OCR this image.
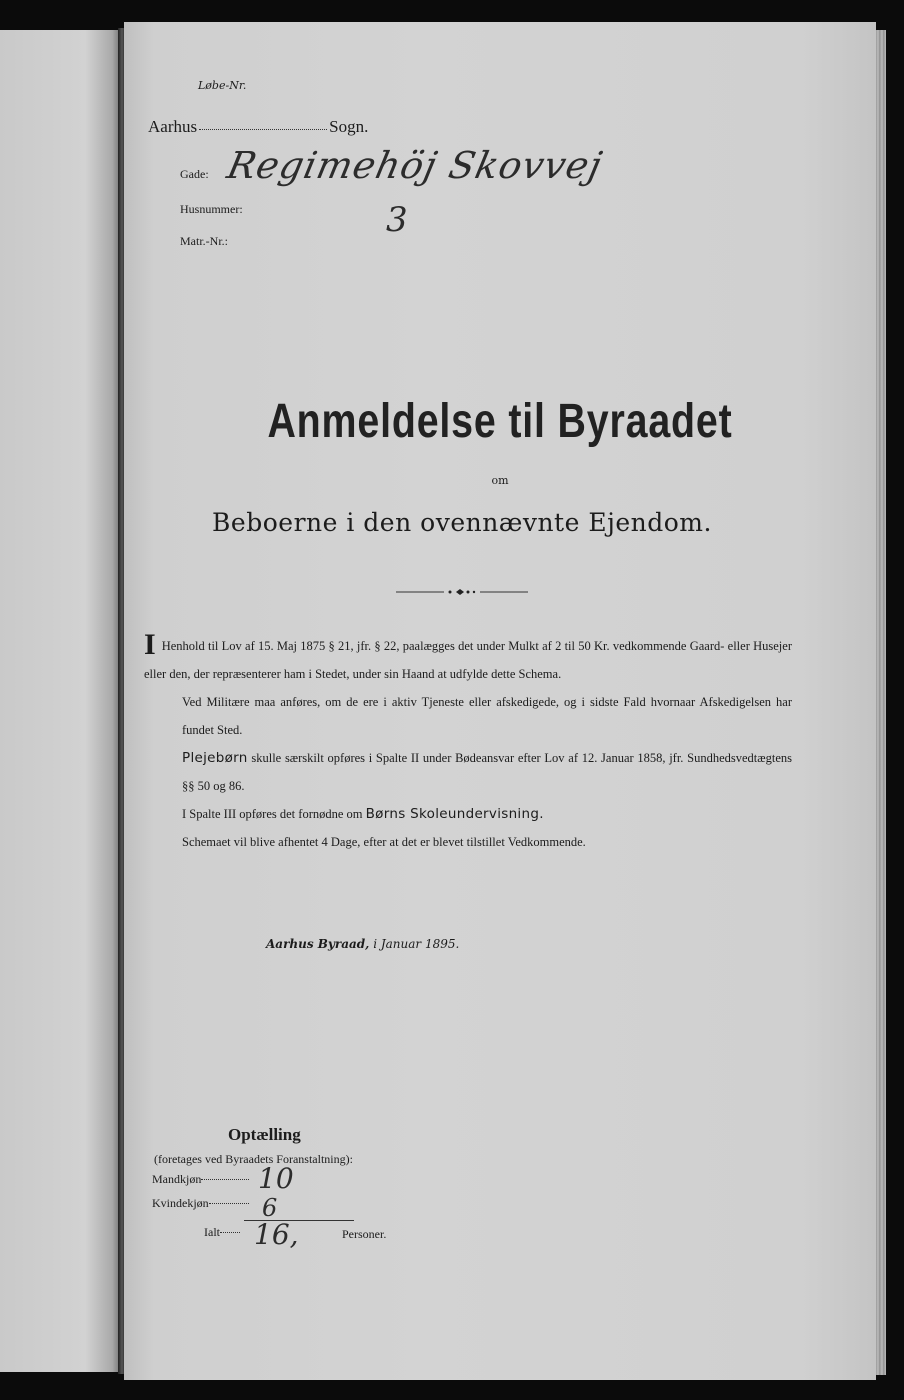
Løbe-Nr.
Aarhus	Sogn.
Gade: Regimehöj Skovvej
Husnummer:	3
Matr.-Nr.:
Anmeldelse til Byraadet
om
Beboerne i den ovennævnte Ejendom.

I Henhold til Lov af 15. Maj 1875 § 21, jfr. § 22, paalægges det under Mulkt af 2 til 50 Kr. vedkommende Gaard- eller Husejer eller den, der repræsenterer ham i Stedet, under sin Haand at udfylde dette Schema.

Ved Militære maa anføres, om de ere i aktiv Tjeneste eller afskedigede, og i sidste Fald hvornaar Afskedigelsen har fundet Sted.

Plejebørn skulle særskilt opføres i Spalte II under Bødeansvar efter Lov af 12. Januar 1858, jfr. Sundhedsvedtægtens §§ 50 og 86.

I Spalte III opføres det fornødne om Børns Skoleundervisning.

Schemaet vil blive afhentet 4 Dage, efter at det er blevet tilstillet Vedkommende.

Aarhus Byraad, i Januar 1895.
Optælling
(foretages ved Byraadets Foranstaltning):
Mandkjøn	10
Kvindekjøn	6
Ialt	16,	Personer.
